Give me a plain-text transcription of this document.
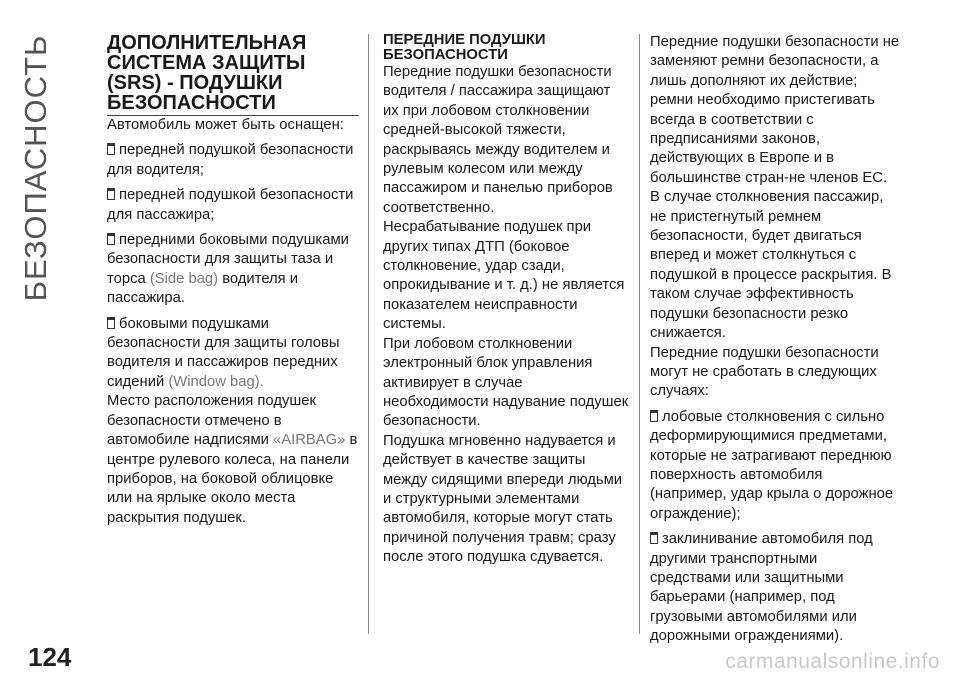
БЕЗОПАСНОСТЬ	ДОПОЛНИТЕЛЬНАЯ СИСТЕМА ЗАЩИТЫ (SRS) - ПОДУШКИ БЕЗОПАСНОСТИ

Автомобиль может быть оснащен:

передней подушкой безопасности для водителя;

передней подушкой безопасности для пассажира;

передними боковыми подушками безопасности для защиты таза и торса (Side bag) водителя и пассажира.

боковыми подушками безопасности для защиты головы водителя и пассажиров передних сидений (Window bag).

Место расположения подушек безопасности отмечено в автомобиле надписями «AIRBAG» в центре рулевого колеса, на панели приборов, на боковой облицовке или на ярлыке около места раскрытия подушек.

ПЕРЕДНИЕ ПОДУШКИ БЕЗОПАСНОСТИ

Передние подушки безопасности водителя / пассажира защищают их при лобовом столкновении средней-высокой тяжести, раскрываясь между водителем и рулевым колесом или между пассажиром и панелью приборов соответственно.

Несрабатывание подушек при других типах ДТП (боковое столкновение, удар сзади, опрокидывание и т. д.) не является показателем неисправности системы.

При лобовом столкновении электронный блок управления активирует в случае необходимости надувание подушек безопасности.

Подушка мгновенно надувается и действует в качестве защиты между сидящими впереди людьми и структурными элементами автомобиля, которые могут стать причиной получения травм; сразу после этого подушка сдувается.

Передние подушки безопасности не заменяют ремни безопасности, а лишь дополняют их действие; ремни необходимо пристегивать всегда в соответствии с предписаниями законов, действующих в Европе и в большинстве стран-не членов ЕС.

В случае столкновения пассажир, не пристегнутый ремнем безопасности, будет двигаться вперед и может столкнуться с подушкой в процессе раскрытия. В таком случае эффективность подушки безопасности резко снижается.

Передние подушки безопасности могут не сработать в следующих случаях:

лобовые столкновения с сильно деформирующимися предметами, которые не затрагивают переднюю поверхность автомобиля (например, удар крыла о дорожное ограждение);

заклинивание автомобиля под другими транспортными средствами или защитными барьерами (например, под грузовыми автомобилями или дорожными ограждениями).

124	carmanualsonline.info
